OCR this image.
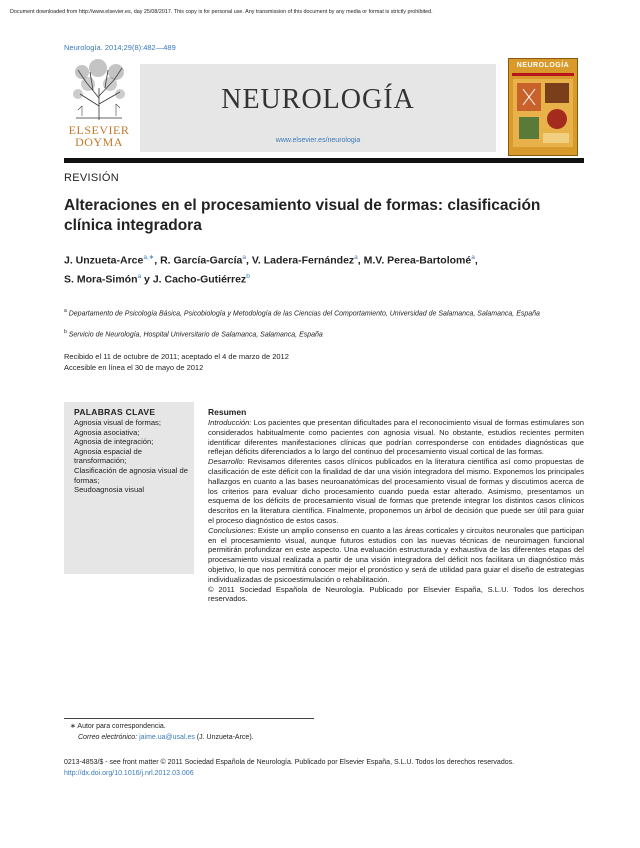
Document downloaded from http://www.elsevier.es, day 25/08/2017. This copy is for personal use. Any transmission of this document by any media or format is strictly prohibited.
Neurología. 2014;29(8):482—489
ELSEVIER
DOYMA
NEUROLOGÍA
www.elsevier.es/neurologia
NEUROLOGÍA
REVISIÓN
Alteraciones en el procesamiento visual de formas: clasificación clínica integradora
J. Unzueta-Arce$^{a,∗}$, R. García-García$^a$, V. Ladera-Fernández$^a$, M.V. Perea-Bartolomé$^a$,
S. Mora-Simón$^a$ y J. Cacho-Gutiérrez$^b$
$^a$ Departamento de Psicología Básica, Psicobiología y Metodología de las Ciencias del Comportamiento, Universidad de Salamanca, Salamanca, España
$^b$ Servicio de Neurología, Hospital Universitario de Salamanca, Salamanca, España
Recibido el 11 de octubre de 2011; aceptado el 4 de marzo de 2012
Accesible en línea el 30 de mayo de 2012
PALABRAS CLAVE
Agnosia visual de formas;
Agnosia asociativa;
Agnosia de integración;
Agnosia espacial de transformación;
Clasificación de agnosia visual de formas;
Seudoagnosia visual
Resumen

Introducción: Los pacientes que presentan dificultades para el reconocimiento visual de formas estimulares son considerados habitualmente como pacientes con agnosia visual. No obstante, estudios recientes permiten identificar diferentes manifestaciones clínicas que podrían corresponderse con entidades diagnósticas que reflejan déficits diferenciados a lo largo del continuo del procesamiento visual cortical de las formas.

Desarrollo: Revisamos diferentes casos clínicos publicados en la literatura científica así como propuestas de clasificación de este déficit con la finalidad de dar una visión integradora del mismo. Exponemos los principales hallazgos en cuanto a las bases neuroanatómicas del procesamiento visual de formas y discutimos acerca de los criterios para evaluar dicho procesamiento cuando pueda estar alterado. Asimismo, presentamos un esquema de los déficits de procesamiento visual de formas que pretende integrar los distintos casos clínicos descritos en la literatura científica. Finalmente, proponemos un árbol de decisión que puede ser útil para guiar el proceso diagnóstico de estos casos.

Conclusiones: Existe un amplio consenso en cuanto a las áreas corticales y circuitos neuronales que participan en el procesamiento visual, aunque futuros estudios con las nuevas técnicas de neuroimagen funcional permitirán profundizar en este aspecto. Una evaluación estructurada y exhaustiva de las diferentes etapas del procesamiento visual realizada a partir de una visión integradora del déficit nos facilitara un diagnóstico más objetivo, lo que nos permitirá conocer mejor el pronóstico y será de utilidad para guiar el diseño de estrategias individualizadas de psicoestimulación o rehabilitación.

© 2011 Sociedad Española de Neurología. Publicado por Elsevier España, S.L.U. Todos los derechos reservados.

∗ Autor para correspondencia.
Correo electrónico: jaime.ua@usal.es (J. Unzueta-Arce).
0213-4853/$ - see front matter © 2011 Sociedad Española de Neurología. Publicado por Elsevier España, S.L.U. Todos los derechos reservados.
http://dx.doi.org/10.1016/j.nrl.2012.03.006
